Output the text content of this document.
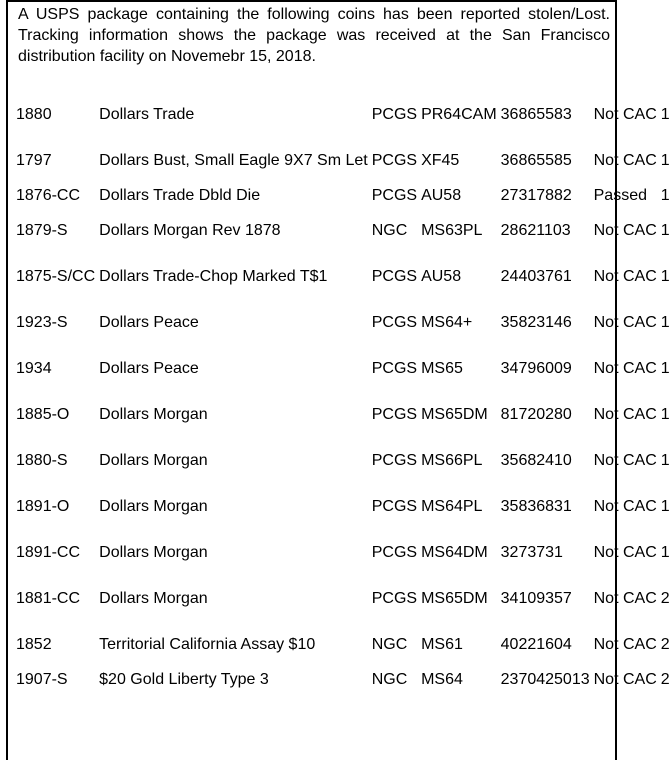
A USPS package containing the following coins has been reported stolen/Lost. Tracking information shows the package was received at the San Francisco distribution facility on Novemebr 15, 2018.
1880	Dollars Trade	PCGS	PR64CAM	36865583	Not CAC	1
1797	Dollars Bust, Small Eagle 9X7 Sm Let	PCGS	XF45	36865585	Not CAC	1
1876-CC	Dollars Trade Dbld Die	PCGS	AU58	27317882	Passed	1
1879-S	Dollars Morgan Rev 1878	NGC	MS63PL	28621103	Not CAC	1
1875-S/CC	Dollars Trade-Chop Marked T$1	PCGS	AU58	24403761	Not CAC	1
1923-S	Dollars Peace	PCGS	MS64+	35823146	Not CAC	1
1934	Dollars Peace	PCGS	MS65	34796009	Not CAC	1
1885-O	Dollars Morgan	PCGS	MS65DM	81720280	Not CAC	1
1880-S	Dollars Morgan	PCGS	MS66PL	35682410	Not CAC	1
1891-O	Dollars Morgan	PCGS	MS64PL	35836831	Not CAC	1
1891-CC	Dollars Morgan	PCGS	MS64DM	3273731	Not CAC	1
1881-CC	Dollars Morgan	PCGS	MS65DM	34109357	Not CAC	2
1852	Territorial California Assay $10	NGC	MS61	40221604	Not CAC	2
1907-S	$20 Gold Liberty Type 3	NGC	MS64	2370425013	Not CAC	2
